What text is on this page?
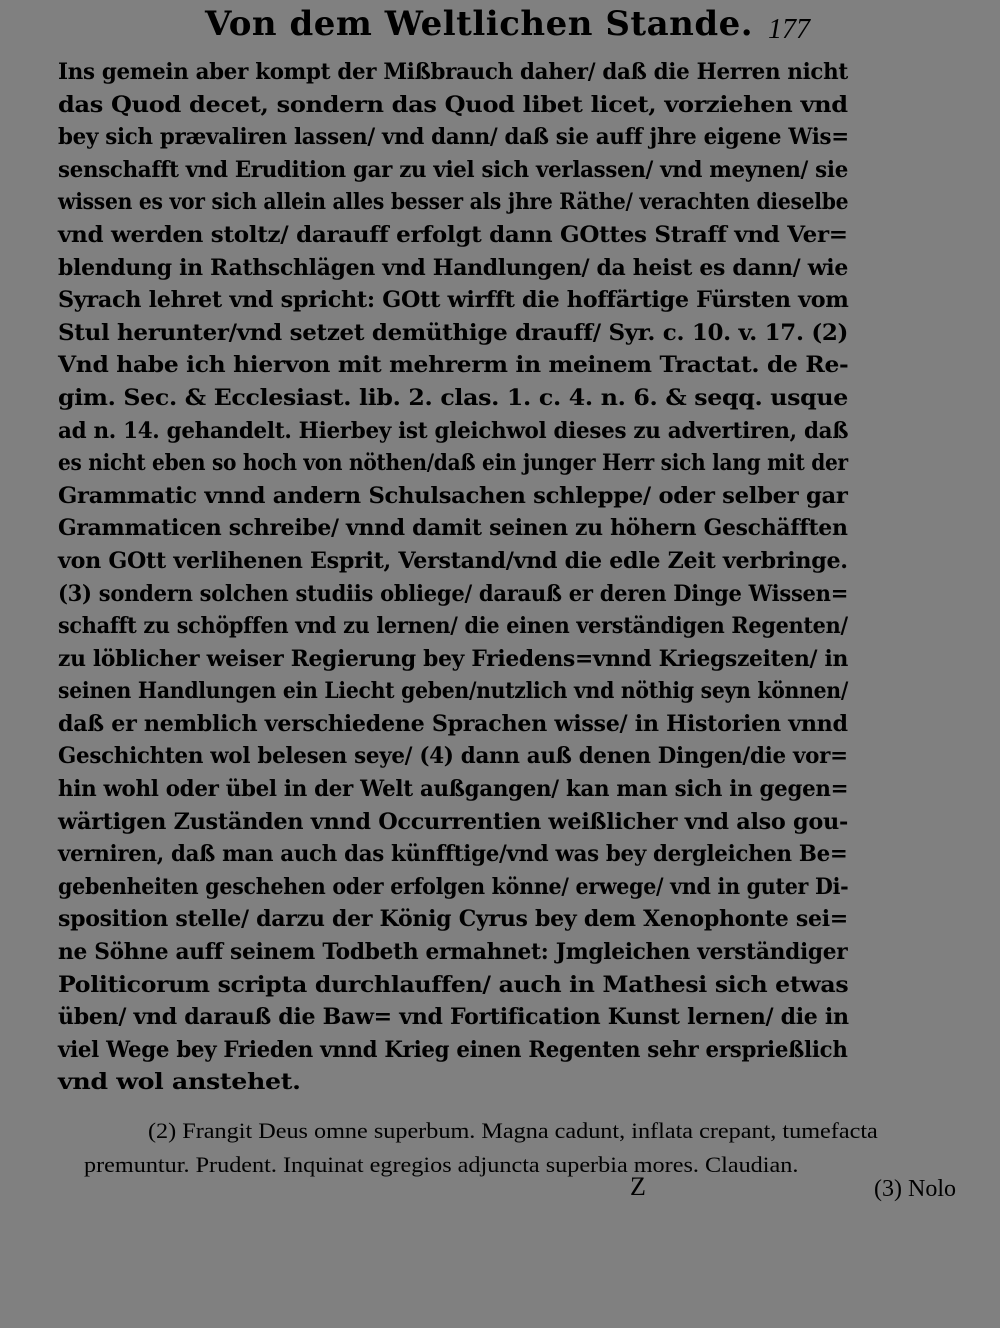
Von dem Weltlichen Stande. 177
Ins gemein aber kompt der Mißbrauch daher/ daß die Herren nicht
das Quod decet, sondern das Quod libet licet, vorziehen vnd
bey sich prævaliren lassen/ vnd dann/ daß sie auff jhre eigene Wis=
senschafft vnd Erudition gar zu viel sich verlassen/ vnd meynen/ sie
wissen es vor sich allein alles besser als jhre Räthe/ verachten dieselbe
vnd werden stoltz/ darauff erfolgt dann GOttes Straff vnd Ver=
blendung in Rathschlägen vnd Handlungen/ da heist es dann/ wie
Syrach lehret vnd spricht: GOtt wirfft die hoffärtige Fürsten vom
Stul herunter/vnd setzet demüthige drauff/ Syr. c. 10. v. 17. (2)
Vnd habe ich hiervon mit mehrerm in meinem Tractat. de Re-
gim. Sec. & Ecclesiast. lib. 2. clas. 1. c. 4. n. 6. & seqq. usque
ad n. 14. gehandelt. Hierbey ist gleichwol dieses zu advertiren, daß
es nicht eben so hoch von nöthen/daß ein junger Herr sich lang mit der
Grammatic vnnd andern Schulsachen schleppe/ oder selber gar
Grammaticen schreibe/ vnnd damit seinen zu höhern Geschäfften
von GOtt verlihenen Esprit, Verstand/vnd die edle Zeit verbringe.
(3) sondern solchen studiis obliege/ darauß er deren Dinge Wissen=
schafft zu schöpffen vnd zu lernen/ die einen verständigen Regenten/
zu löblicher weiser Regierung bey Friedens=vnnd Kriegszeiten/ in
seinen Handlungen ein Liecht geben/nutzlich vnd nöthig seyn können/
daß er nemblich verschiedene Sprachen wisse/ in Historien vnnd
Geschichten wol belesen seye/ (4) dann auß denen Dingen/die vor=
hin wohl oder übel in der Welt außgangen/ kan man sich in gegen=
wärtigen Zuständen vnnd Occurrentien weißlicher vnd also gou-
verniren, daß man auch das künfftige/vnd was bey dergleichen Be=
gebenheiten geschehen oder erfolgen könne/ erwege/ vnd in guter Di-
sposition stelle/ darzu der König Cyrus bey dem Xenophonte sei=
ne Söhne auff seinem Todbeth ermahnet: Jmgleichen verständiger
Politicorum scripta durchlauffen/ auch in Mathesi sich etwas
üben/ vnd darauß die Baw= vnd Fortification Kunst lernen/ die in
viel Wege bey Frieden vnnd Krieg einen Regenten sehr ersprießlich
vnd wol anstehet.
(2) Frangit Deus omne superbum. Magna cadunt, inflata crepant, tumefacta
premuntur. Prudent. Inquinat egregios adjuncta superbia mores. Claudian.
Z	(3) Nolo
